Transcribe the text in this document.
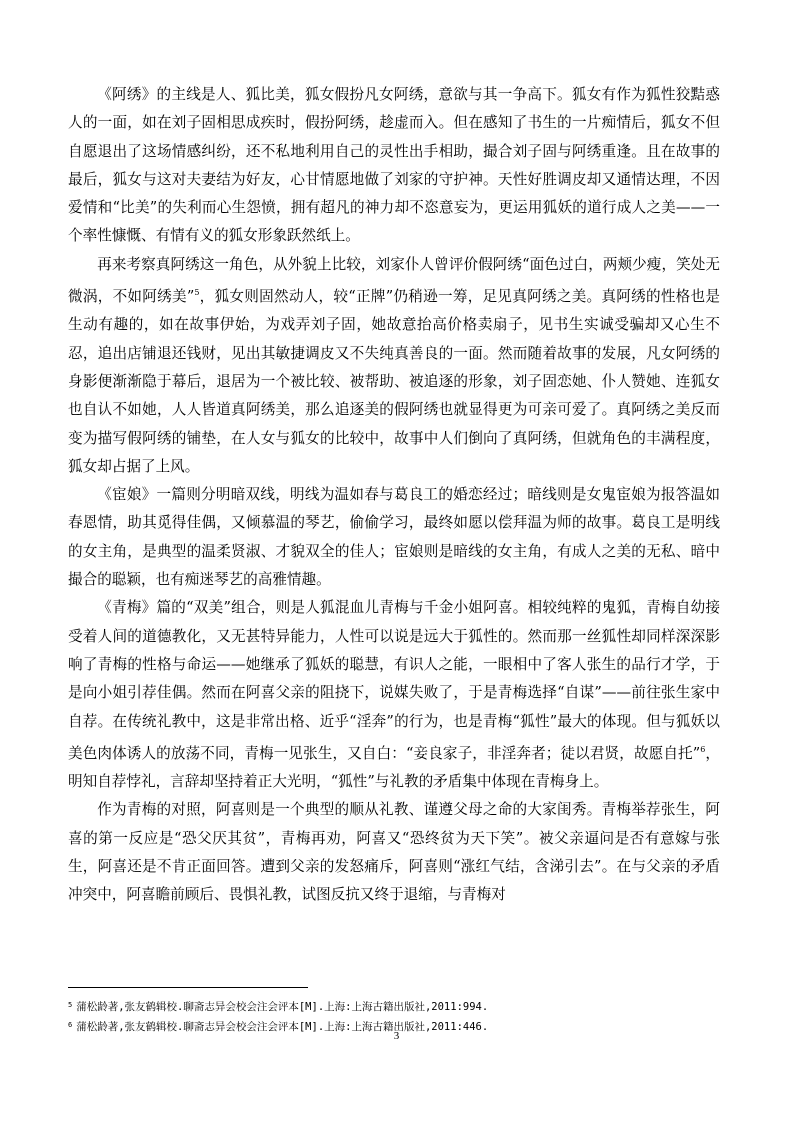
《阿绣》的主线是人、狐比美，狐女假扮凡女阿绣，意欲与其一争高下。狐女有作为狐性狡黠惑人的一面，如在刘子固相思成疾时，假扮阿绣，趁虚而入。但在感知了书生的一片痴情后，狐女不但自愿退出了这场情感纠纷，还不私地利用自己的灵性出手相助，撮合刘子固与阿绣重逢。且在故事的最后，狐女与这对夫妻结为好友，心甘情愿地做了刘家的守护神。天性好胜调皮却又通情达理，不因爱情和“比美”的失利而心生怨愤，拥有超凡的神力却不恣意妄为，更运用狐妖的道行成人之美——一个率性慷慨、有情有义的狐女形象跃然纸上。

再来考察真阿绣这一角色，从外貌上比较，刘家仆人曾评价假阿绣“面色过白，两颊少瘦，笑处无微涡，不如阿绣美”$^5$，狐女则固然动人，较“正牌”仍稍逊一筹，足见真阿绣之美。真阿绣的性格也是生动有趣的，如在故事伊始，为戏弄刘子固，她故意抬高价格卖扇子，见书生实诚受骗却又心生不忍，追出店铺退还钱财，见出其敏捷调皮又不失纯真善良的一面。然而随着故事的发展，凡女阿绣的身影便渐渐隐于幕后，退居为一个被比较、被帮助、被追逐的形象，刘子固恋她、仆人赞她、连狐女也自认不如她，人人皆道真阿绣美，那么追逐美的假阿绣也就显得更为可亲可爱了。真阿绣之美反而变为描写假阿绣的铺垫，在人女与狐女的比较中，故事中人们倒向了真阿绣，但就角色的丰满程度，狐女却占据了上风。

《宦娘》一篇则分明暗双线，明线为温如春与葛良工的婚恋经过；暗线则是女鬼宦娘为报答温如春恩情，助其觅得佳偶，又倾慕温的琴艺，偷偷学习，最终如愿以偿拜温为师的故事。葛良工是明线的女主角，是典型的温柔贤淑、才貌双全的佳人；宦娘则是暗线的女主角，有成人之美的无私、暗中撮合的聪颖，也有痴迷琴艺的高雅情趣。

《青梅》篇的“双美”组合，则是人狐混血儿青梅与千金小姐阿喜。相较纯粹的鬼狐，青梅自幼接受着人间的道德教化，又无甚特异能力，人性可以说是远大于狐性的。然而那一丝狐性却同样深深影响了青梅的性格与命运——她继承了狐妖的聪慧，有识人之能，一眼相中了客人张生的品行才学，于是向小姐引荐佳偶。然而在阿喜父亲的阻挠下，说媒失败了，于是青梅选择“自谋”——前往张生家中自荐。在传统礼教中，这是非常出格、近乎“淫奔”的行为，也是青梅“狐性”最大的体现。但与狐妖以美色肉体诱人的放荡不同，青梅一见张生，又自白：“妾良家子，非淫奔者；徒以君贤，故愿自托”$^6$，明知自荐悖礼，言辞却坚持着正大光明，“狐性”与礼教的矛盾集中体现在青梅身上。

作为青梅的对照，阿喜则是一个典型的顺从礼教、谨遵父母之命的大家闺秀。青梅举荐张生，阿喜的第一反应是“恐父厌其贫”，青梅再劝，阿喜又“恐终贫为天下笑”。被父亲逼问是否有意嫁与张生，阿喜还是不肯正面回答。遭到父亲的发怒痛斥，阿喜则“涨红气结，含涕引去”。在与父亲的矛盾冲突中，阿喜瞻前顾后、畏惧礼教，试图反抗又终于退缩，与青梅对

$^5$ 蒲松龄著,张友鹤辑校.聊斋志异会校会注会评本[M].上海:上海古籍出版社,2011:994.
$^6$ 蒲松龄著,张友鹤辑校.聊斋志异会校会注会评本[M].上海:上海古籍出版社,2011:446.
3
